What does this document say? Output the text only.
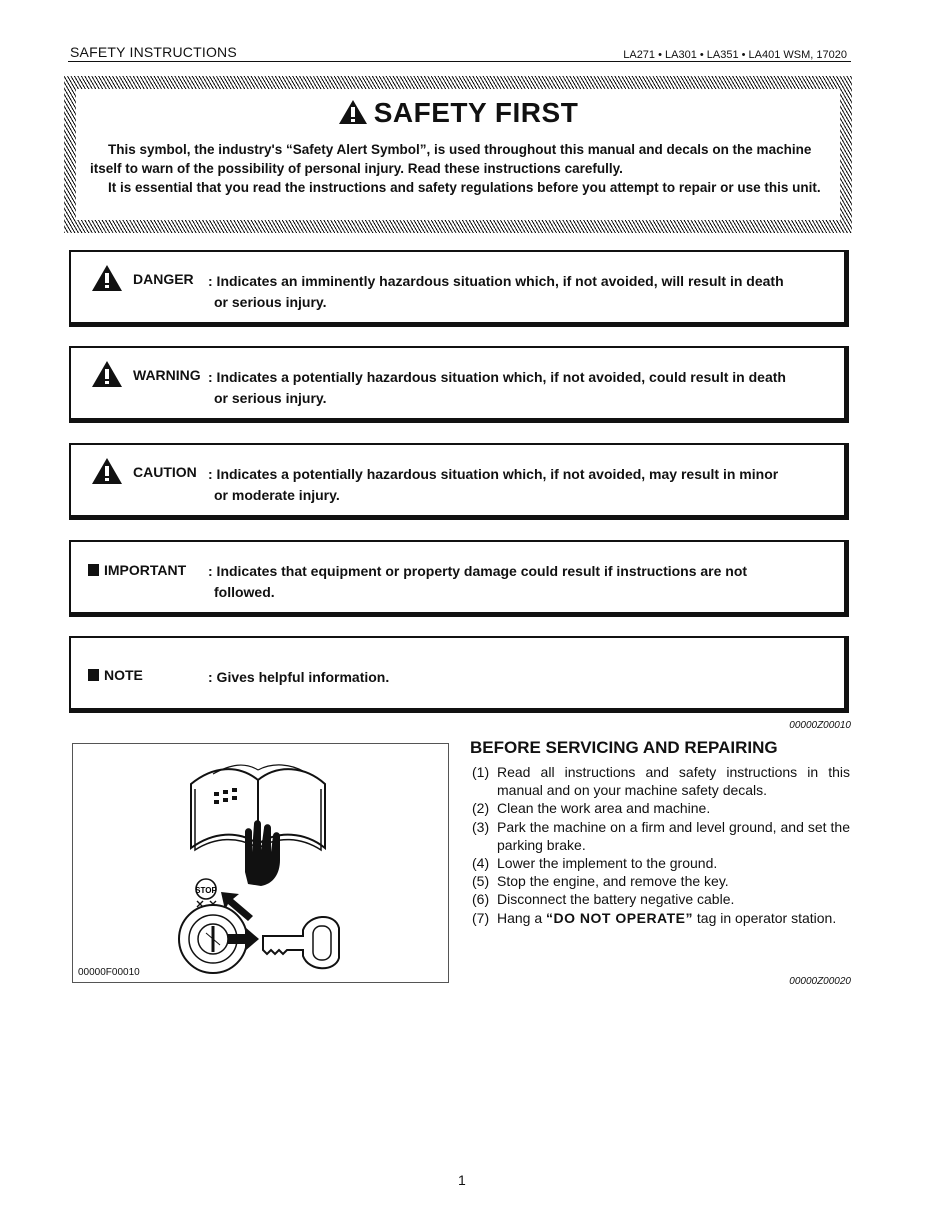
SAFETY INSTRUCTIONS	LA271 • LA301 • LA351 • LA401 WSM, 17020
SAFETY FIRST

This symbol, the industry's “Safety Alert Symbol”, is used throughout this manual and decals on the machine itself to warn of the possibility of personal injury. Read these instructions carefully.

It is essential that you read the instructions and safety regulations before you attempt to repair or use this unit.

DANGER : Indicates an imminently hazardous situation which, if not avoided, will result in death
or serious injury.
WARNING : Indicates a potentially hazardous situation which, if not avoided, could result in death
or serious injury.
CAUTION : Indicates a potentially hazardous situation which, if not avoided, may result in minor
or moderate injury.
IMPORTANT : Indicates that equipment or property damage could result if instructions are not
followed.
NOTE	: Gives helpful information.
00000Z00010
STOP
00000F00010
BEFORE SERVICING AND REPAIRING
(1) Read all instructions and safety instructions in this manual and on your machine safety decals.
(2) Clean the work area and machine.
(3) Park the machine on a firm and level ground, and set the parking brake.
(4) Lower the implement to the ground.
(5) Stop the engine, and remove the key.
(6) Disconnect the battery negative cable.
(7) Hang a “DO NOT OPERATE” tag in operator station.
00000Z00020
1
